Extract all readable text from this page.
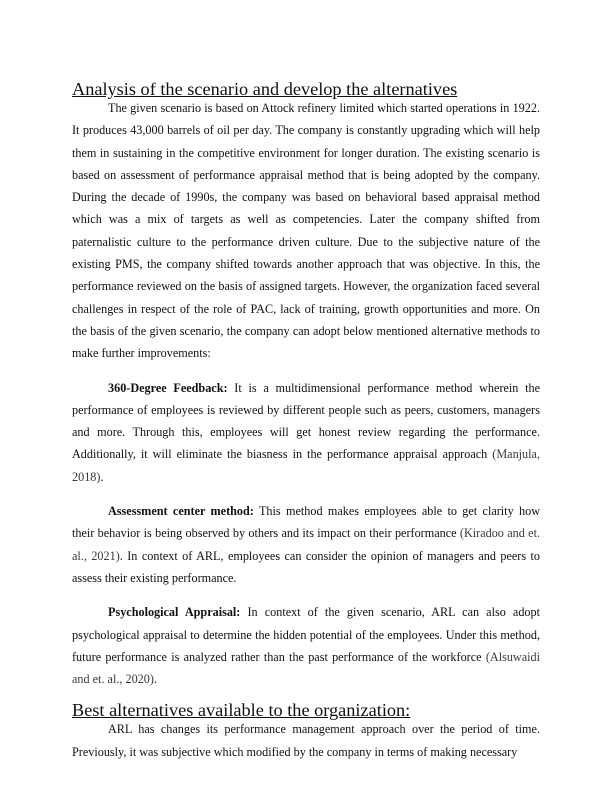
Analysis of the scenario and develop the alternatives

The given scenario is based on Attock refinery limited which started operations in 1922. It produces 43,000 barrels of oil per day. The company is constantly upgrading which will help them in sustaining in the competitive environment for longer duration. The existing scenario is based on assessment of performance appraisal method that is being adopted by the company. During the decade of 1990s, the company was based on behavioral based appraisal method which was a mix of targets as well as competencies. Later the company shifted from paternalistic culture to the performance driven culture. Due to the subjective nature of the existing PMS, the company shifted towards another approach that was objective. In this, the performance reviewed on the basis of assigned targets. However, the organization faced several challenges in respect of the role of PAC, lack of training, growth opportunities and more. On the basis of the given scenario, the company can adopt below mentioned alternative methods to make further improvements:

360-Degree Feedback: It is a multidimensional performance method wherein the performance of employees is reviewed by different people such as peers, customers, managers and more. Through this, employees will get honest review regarding the performance. Additionally, it will eliminate the biasness in the performance appraisal approach (Manjula, 2018).

Assessment center method: This method makes employees able to get clarity how their behavior is being observed by others and its impact on their performance (Kiradoo and et. al., 2021). In context of ARL, employees can consider the opinion of managers and peers to assess their existing performance.

Psychological Appraisal: In context of the given scenario, ARL can also adopt psychological appraisal to determine the hidden potential of the employees. Under this method, future performance is analyzed rather than the past performance of the workforce (Alsuwaidi and et. al., 2020).

Best alternatives available to the organization:

ARL has changes its performance management approach over the period of time. Previously, it was subjective which modified by the company in terms of making necessary
